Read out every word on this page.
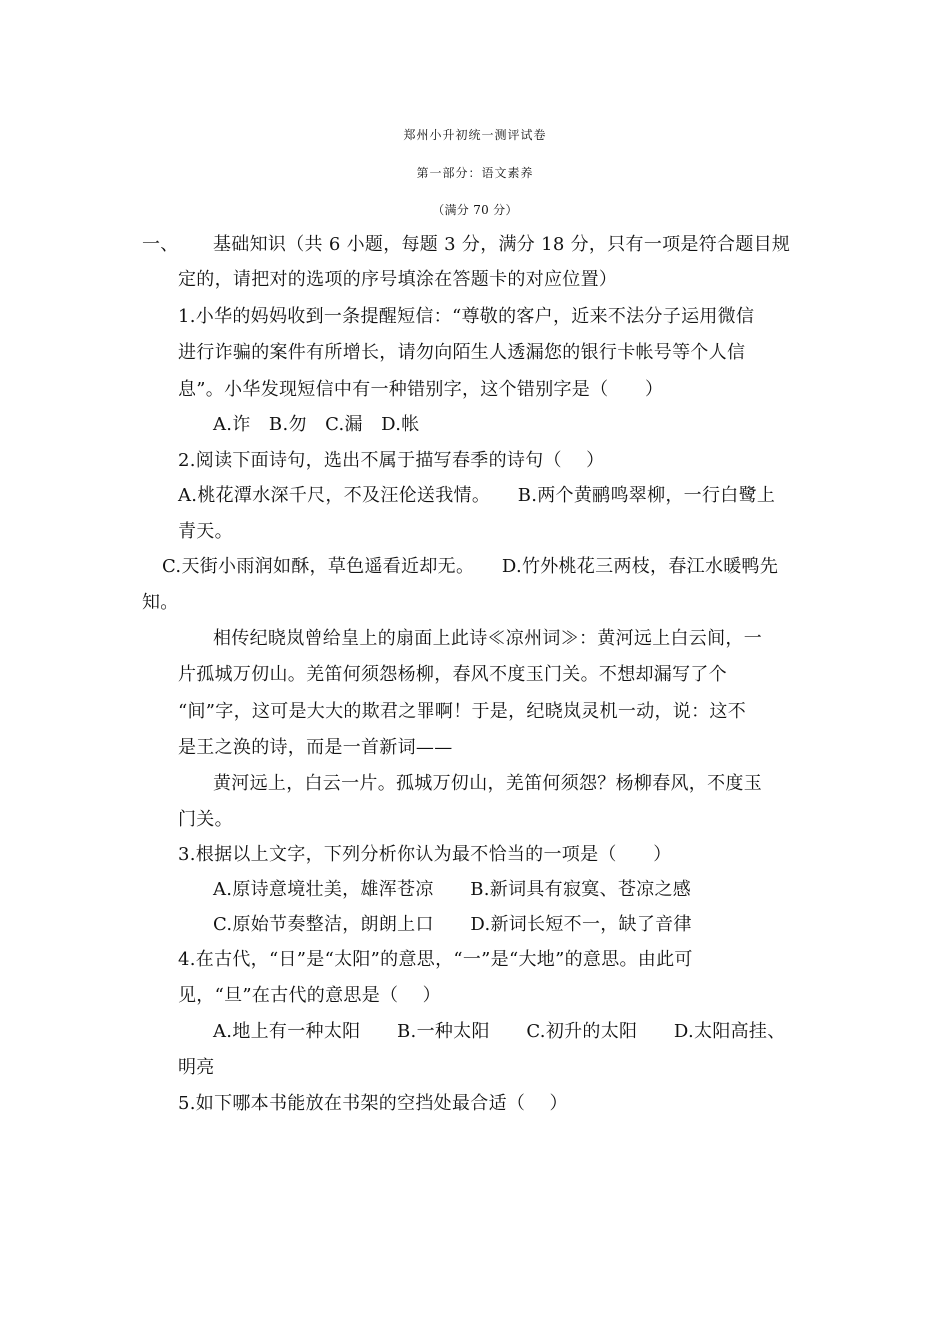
郑州小升初统一测评试卷
第一部分：语文素养
（满分 70 分）
一、 基础知识（共 6 小题，每题 3 分，满分 18 分，只有一项是符合题目规
定的，请把对的选项的序号填涂在答题卡的对应位置）
1.小华的妈妈收到一条提醒短信：“尊敬的客户，近来不法分子运用微信
进行诈骗的案件有所增长，请勿向陌生人透漏您的银行卡帐号等个人信
息”。小华发现短信中有一种错别字，这个错别字是（　　）
A.诈　B.勿　C.漏　D.帐
2.阅读下面诗句，选出不属于描写春季的诗句（　 ）
A.桃花潭水深千尺，不及汪伦送我情。　　B.两个黄鹂鸣翠柳，一行白鹭上
青天。
C.天街小雨润如酥，草色遥看近却无。　　D.竹外桃花三两枝，春江水暖鸭先
知。
相传纪晓岚曾给皇上的扇面上此诗≪凉州词≫：黄河远上白云间，一
片孤城万仞山。羌笛何须怨杨柳，春风不度玉门关。不想却漏写了个
“间”字，这可是大大的欺君之罪啊！于是，纪晓岚灵机一动，说：这不
是王之涣的诗，而是一首新词——
黄河远上，白云一片。孤城万仞山，羌笛何须怨？杨柳春风，不度玉
门关。
3.根据以上文字，下列分析你认为最不恰当的一项是（　　）
A.原诗意境壮美，雄浑苍凉　　B.新词具有寂寞、苍凉之感
C.原始节奏整洁，朗朗上口　　D.新词长短不一，缺了音律
4.在古代，“日”是“太阳”的意思，“一”是“大地”的意思。由此可
见，“旦”在古代的意思是（　 ）
A.地上有一种太阳　　B.一种太阳　　C.初升的太阳　　D.太阳高挂、
明亮
5.如下哪本书能放在书架的空挡处最合适（　 ）
